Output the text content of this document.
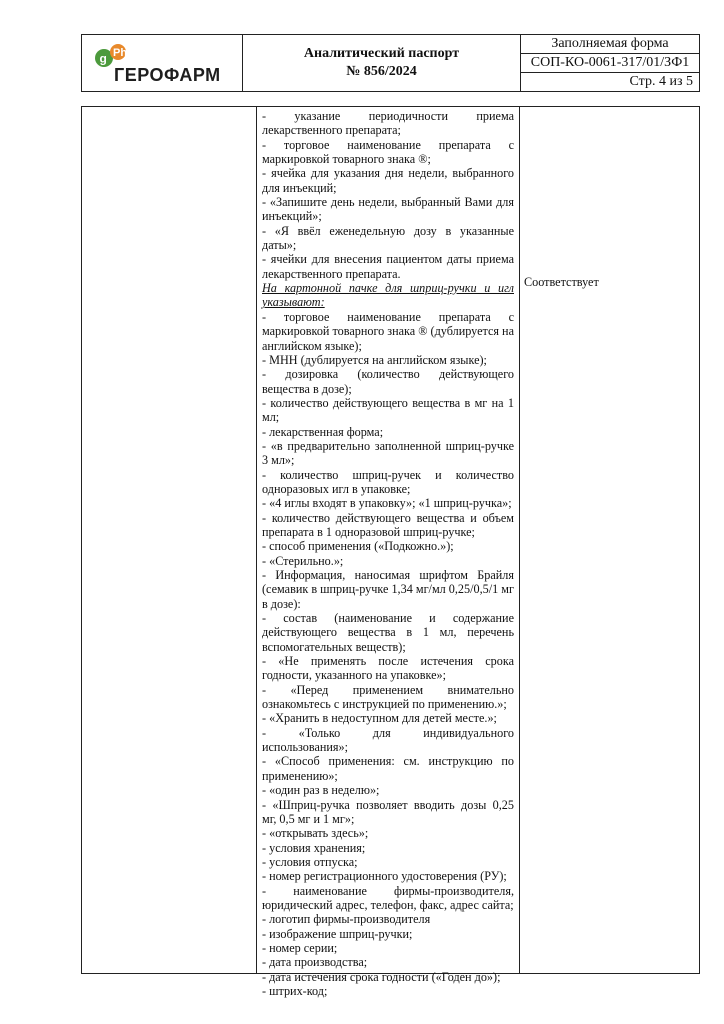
g Ph
ГЕРОФАРМ
Аналитический паспорт
№ 856/2024
Заполняемая форма
СОП-КО-0061-317/01/ЗФ1
Стр. 4 из 5

- указание периодичности приема лекарственного препарата;

- торговое наименование препарата с маркировкой товарного знака ®;

- ячейка для указания дня недели, выбранного для инъекций;

- «Запишите день недели, выбранный Вами для инъекций»;

- «Я ввёл еженедельную дозу в указанные даты»;

- ячейки для внесения пациентом даты приема лекарственного препарата.

На картонной пачке для шприц-ручки и игл указывают:

- торговое наименование препарата с маркировкой товарного знака ® (дублируется на английском языке);

- МНН (дублируется на английском языке);

- дозировка (количество действующего вещества в дозе);

- количество действующего вещества в мг на 1 мл;

- лекарственная форма;

- «в предварительно заполненной шприц-ручке 3 мл»;

- количество шприц-ручек и количество одноразовых игл в упаковке;

- «4 иглы входят в упаковку»; «1 шприц-ручка»;

- количество действующего вещества и объем препарата в 1 одноразовой шприц-ручке;

- способ применения («Подкожно.»);

- «Стерильно.»;

- Информация, наносимая шрифтом Брайля (семавик в шприц-ручке 1,34 мг/мл 0,25/0,5/1 мг в дозе):

- состав (наименование и содержание действующего вещества в 1 мл, перечень вспомогательных веществ);

- «Не применять после истечения срока годности, указанного на упаковке»;

- «Перед применением внимательно ознакомьтесь с инструкцией по применению.»;

- «Хранить в недоступном для детей месте.»;

- «Только для индивидуального использования»;

- «Способ применения: см. инструкцию по применению»;

- «один раз в неделю»;

- «Шприц-ручка позволяет вводить дозы 0,25 мг, 0,5 мг и 1 мг»;

- «открывать здесь»;

- условия хранения;

- условия отпуска;

- номер регистрационного удостоверения (РУ);

- наименование фирмы-производителя, юридический адрес, телефон, факс, адрес сайта;

- логотип фирмы-производителя

- изображение шприц-ручки;

- номер серии;

- дата производства;

- дата истечения срока годности («Годен до»);

- штрих-код;

Соответствует
